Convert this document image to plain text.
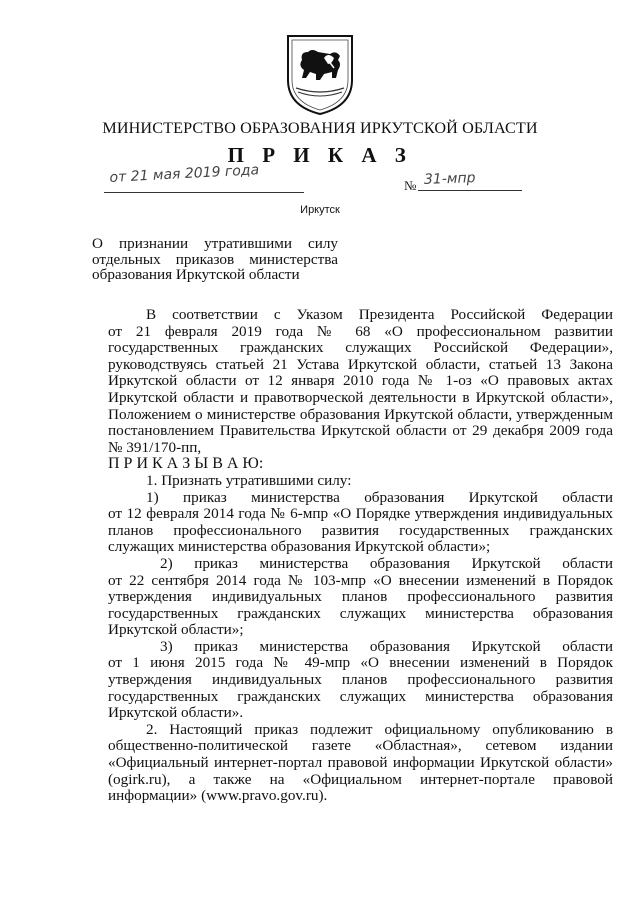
МИНИСТЕРСТВО ОБРАЗОВАНИЯ ИРКУТСКОЙ ОБЛАСТИ
П Р И К А З
от 21 мая 2019 года	№ 31-мпр
Иркутск
О признании утратившими силу
отдельных приказов министерства
образования Иркутской области
В соответствии с Указом Президента Российской Федерации
от 21 февраля 2019 года № 68 «О профессиональном развитии
государственных гражданских служащих Российской Федерации»,
руководствуясь статьей 21 Устава Иркутской области, статьей 13 Закона
Иркутской области от 12 января 2010 года № 1-оз «О правовых актах
Иркутской области и правотворческой деятельности в Иркутской области»,
Положением о министерстве образования Иркутской области, утвержденным
постановлением Правительства Иркутской области от 29 декабря 2009 года
№ 391/170-пп,
П Р И К А З Ы В А Ю:
1. Признать утратившими силу:
1) приказ министерства образования Иркутской области
от 12 февраля 2014 года № 6-мпр «О Порядке утверждения индивидуальных
планов профессионального развития государственных гражданских
служащих министерства образования Иркутской области»;
2) приказ министерства образования Иркутской области
от 22 сентября 2014 года № 103-мпр «О внесении изменений в Порядок
утверждения индивидуальных планов профессионального развития
государственных гражданских служащих министерства образования
Иркутской области»;
3) приказ министерства образования Иркутской области
от 1 июня 2015 года № 49-мпр «О внесении изменений в Порядок
утверждения индивидуальных планов профессионального развития
государственных гражданских служащих министерства образования
Иркутской области».
2. Настоящий приказ подлежит официальному опубликованию в
общественно-политической газете «Областная», сетевом издании
«Официальный интернет-портал правовой информации Иркутской области»
(ogirk.ru), а также на «Официальном интернет-портале правовой
информации» (www.pravo.gov.ru).
